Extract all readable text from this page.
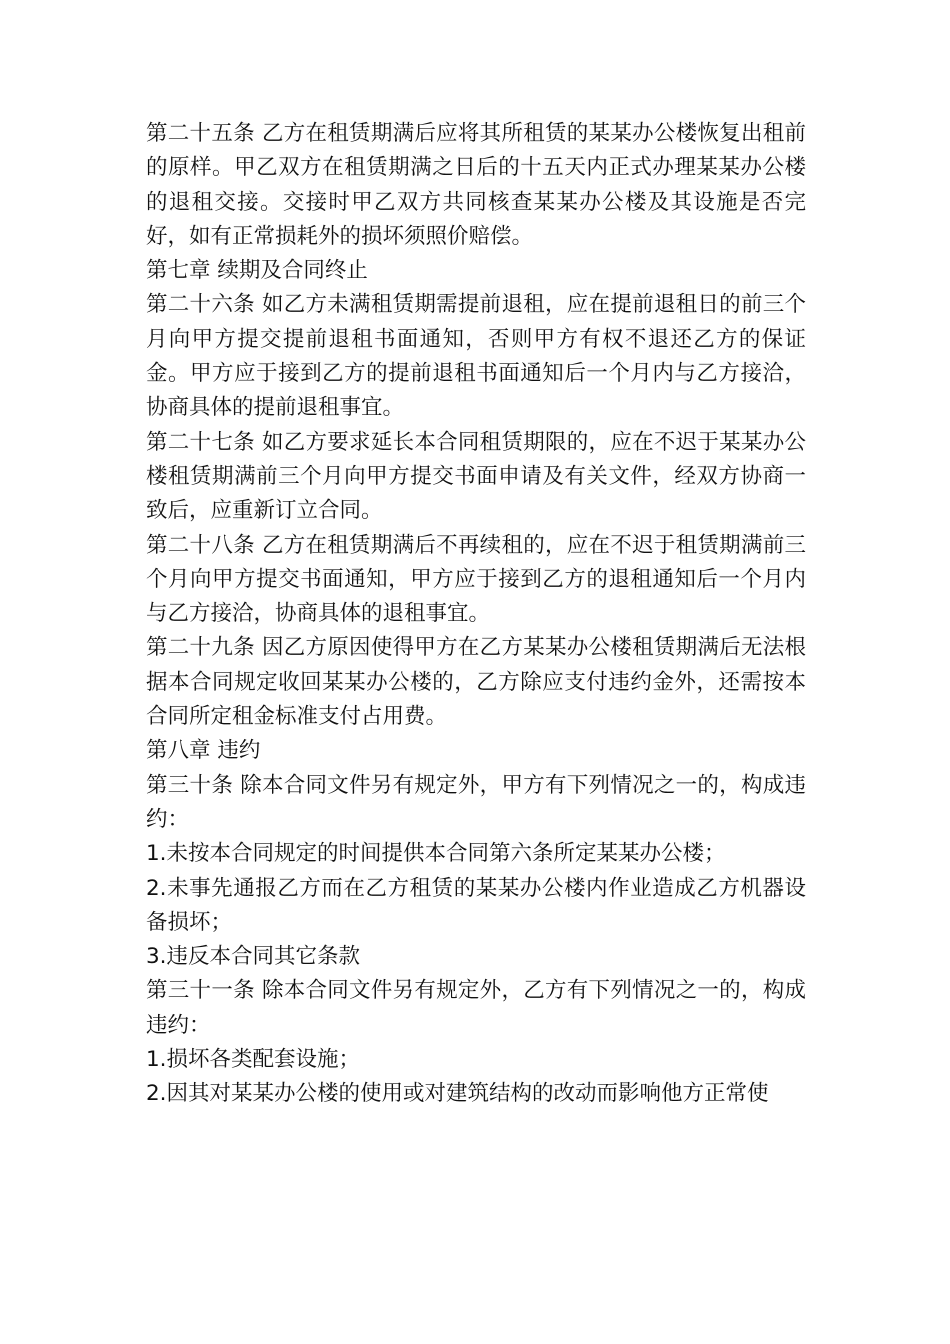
第二十五条 乙方在租赁期满后应将其所租赁的某某办公楼恢复出租前的原样。甲乙双方在租赁期满之日后的十五天内正式办理某某办公楼的退租交接。交接时甲乙双方共同核查某某办公楼及其设施是否完好，如有正常损耗外的损坏须照价赔偿。

第七章 续期及合同终止

第二十六条 如乙方未满租赁期需提前退租，应在提前退租日的前三个月向甲方提交提前退租书面通知，否则甲方有权不退还乙方的保证金。甲方应于接到乙方的提前退租书面通知后一个月内与乙方接洽，协商具体的提前退租事宜。

第二十七条 如乙方要求延长本合同租赁期限的，应在不迟于某某办公楼租赁期满前三个月向甲方提交书面申请及有关文件，经双方协商一致后，应重新订立合同。

第二十八条 乙方在租赁期满后不再续租的，应在不迟于租赁期满前三个月向甲方提交书面通知，甲方应于接到乙方的退租通知后一个月内与乙方接洽，协商具体的退租事宜。

第二十九条 因乙方原因使得甲方在乙方某某办公楼租赁期满后无法根据本合同规定收回某某办公楼的，乙方除应支付违约金外，还需按本合同所定租金标准支付占用费。

第八章 违约

第三十条 除本合同文件另有规定外，甲方有下列情况之一的，构成违约：

1.未按本合同规定的时间提供本合同第六条所定某某办公楼；

2.未事先通报乙方而在乙方租赁的某某办公楼内作业造成乙方机器设备损坏；

3.违反本合同其它条款

第三十一条 除本合同文件另有规定外，乙方有下列情况之一的，构成违约：

1.损坏各类配套设施；

2.因其对某某办公楼的使用或对建筑结构的改动而影响他方正常使
